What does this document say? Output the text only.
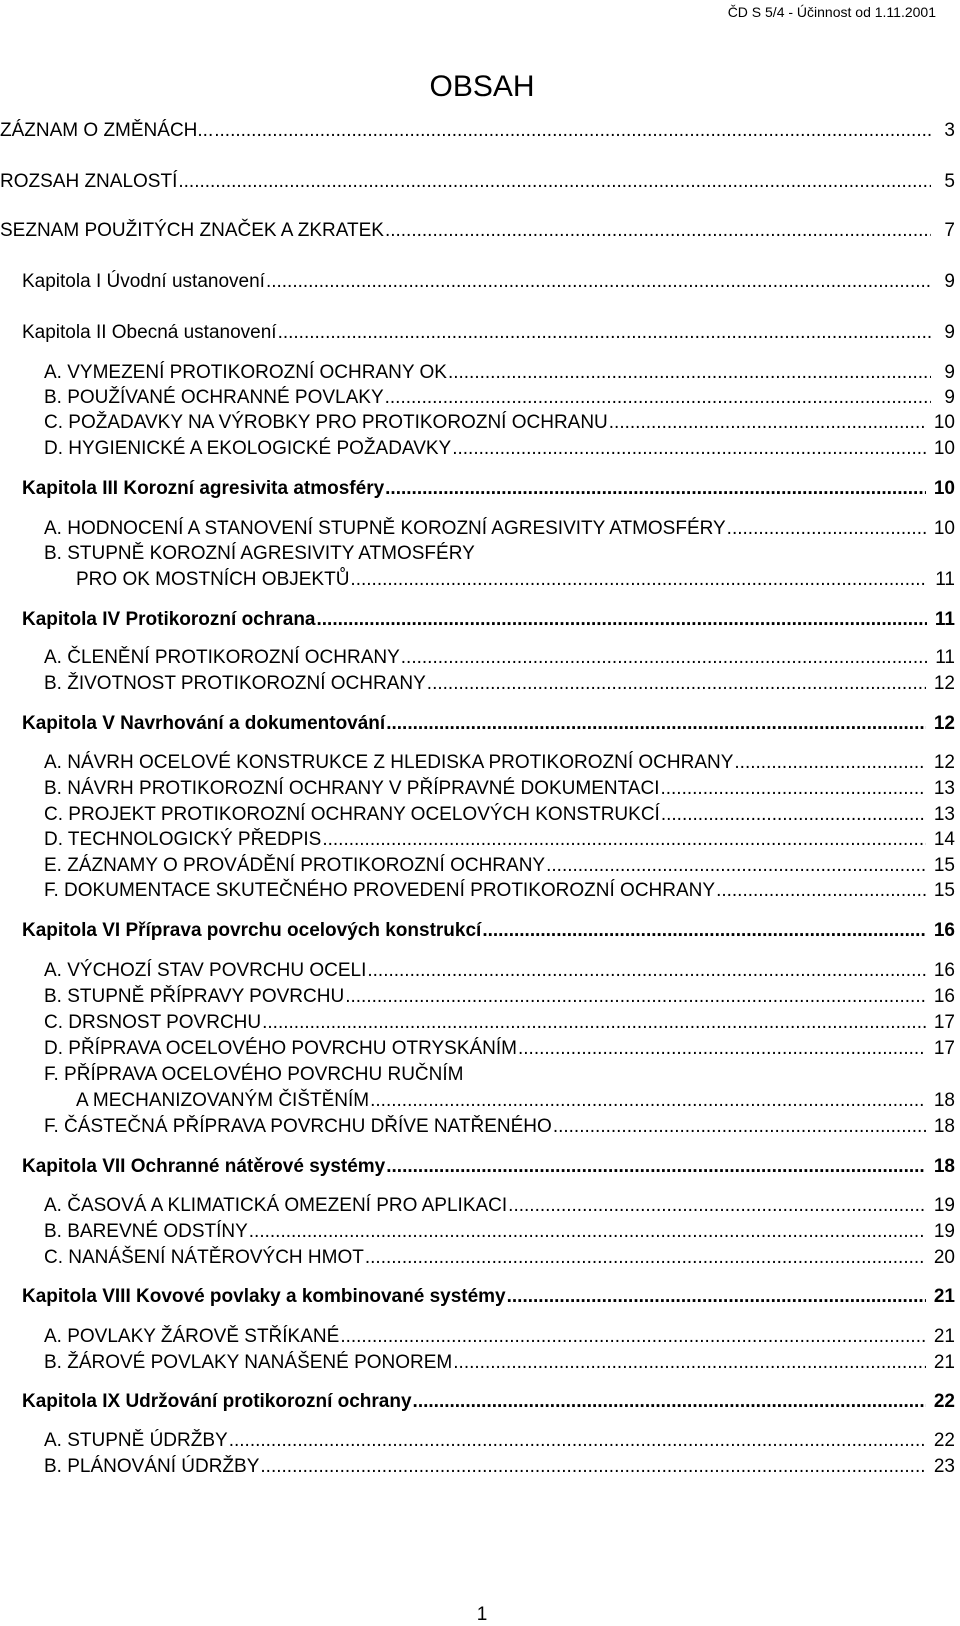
ČD S 5/4 - Účinnost od 1.11.2001
OBSAH
ZÁZNAM O ZMĚNÁCH... .....	3
ROZSAH ZNALOSTÍ .....	5
SEZNAM POUŽITÝCH ZNAČEK A ZKRATEK .....	7
Kapitola I Úvodní ustanovení .....	9
Kapitola II Obecná ustanovení .....	9
A. VYMEZENÍ PROTIKOROZNÍ OCHRANY OK .....	9
B. POUŽÍVANÉ OCHRANNÉ POVLAKY .....	9
C. POŽADAVKY NA VÝROBKY PRO PROTIKOROZNÍ OCHRANU .....	10
D. HYGIENICKÉ A EKOLOGICKÉ POŽADAVKY .....	10
Kapitola III Korozní agresivita atmosféry .....	10
A. HODNOCENÍ A STANOVENÍ STUPNĚ KOROZNÍ AGRESIVITY ATMOSFÉRY .....	10
B. STUPNĚ KOROZNÍ AGRESIVITY ATMOSFÉRY
PRO OK MOSTNÍCH OBJEKTŮ .....	11
Kapitola IV Protikorozní ochrana .....	11
A. ČLENĚNÍ PROTIKOROZNÍ OCHRANY .....	11
B. ŽIVOTNOST PROTIKOROZNÍ OCHRANY .....	12
Kapitola V Navrhování a dokumentování .....	12
A. NÁVRH OCELOVÉ KONSTRUKCE Z HLEDISKA PROTIKOROZNÍ OCHRANY .....	12
B. NÁVRH PROTIKOROZNÍ OCHRANY V PŘÍPRAVNÉ DOKUMENTACI .....	13
C. PROJEKT PROTIKOROZNÍ OCHRANY OCELOVÝCH KONSTRUKCÍ .....	13
D. TECHNOLOGICKÝ PŘEDPIS .....	14
E. ZÁZNAMY O PROVÁDĚNÍ PROTIKOROZNÍ OCHRANY .....	15
F. DOKUMENTACE SKUTEČNÉHO PROVEDENÍ PROTIKOROZNÍ OCHRANY .....	15
Kapitola VI Příprava povrchu ocelových konstrukcí .....	16
A. VÝCHOZÍ STAV POVRCHU OCELI .....	16
B. STUPNĚ PŘÍPRAVY POVRCHU .....	16
C. DRSNOST POVRCHU .....	17
D. PŘÍPRAVA OCELOVÉHO POVRCHU OTRYSKÁNÍM .....	17
F. PŘÍPRAVA OCELOVÉHO POVRCHU RUČNÍM
A MECHANIZOVANÝM ČIŠTĚNÍM .....	18
F. ČÁSTEČNÁ PŘÍPRAVA POVRCHU DŘÍVE NATŘENÉHO .....	18
Kapitola VII Ochranné nátěrové systémy .....	18
A. ČASOVÁ A KLIMATICKÁ OMEZENÍ PRO APLIKACI .....	19
B. BAREVNÉ ODSTÍNY .....	19
C. NANÁŠENÍ NÁTĚROVÝCH HMOT .....	20
Kapitola VIII Kovové povlaky a kombinované systémy .....	21
A. POVLAKY ŽÁROVĚ STŘÍKANÉ .....	21
B. ŽÁROVÉ POVLAKY NANÁŠENÉ PONOREM .....	21
Kapitola IX Udržování protikorozní ochrany .....	22
A. STUPNĚ ÚDRŽBY .....	22
B. PLÁNOVÁNÍ ÚDRŽBY .....	23
1
